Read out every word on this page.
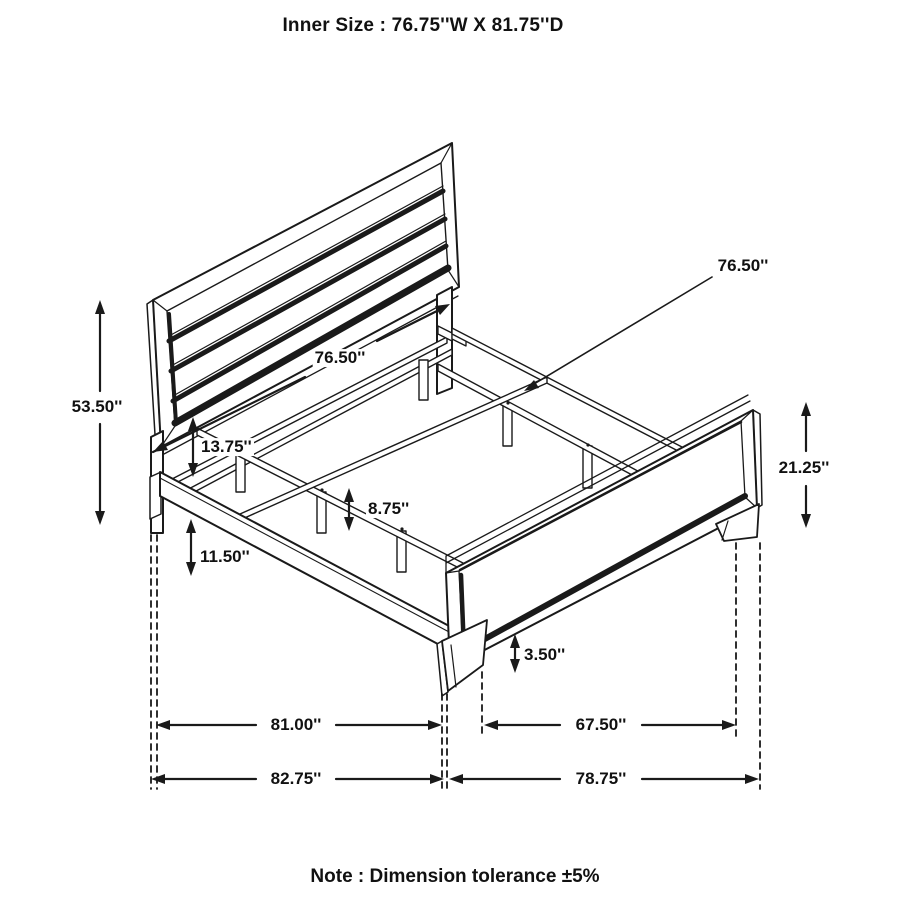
Inner Size : 76.75''W X 81.75''D
76.50''
76.50''
53.50''
13.75''
8.75''
11.50''
21.25''
3.50''
81.00''	67.50''
82.75''	78.75''
Note : Dimension tolerance ±5%
